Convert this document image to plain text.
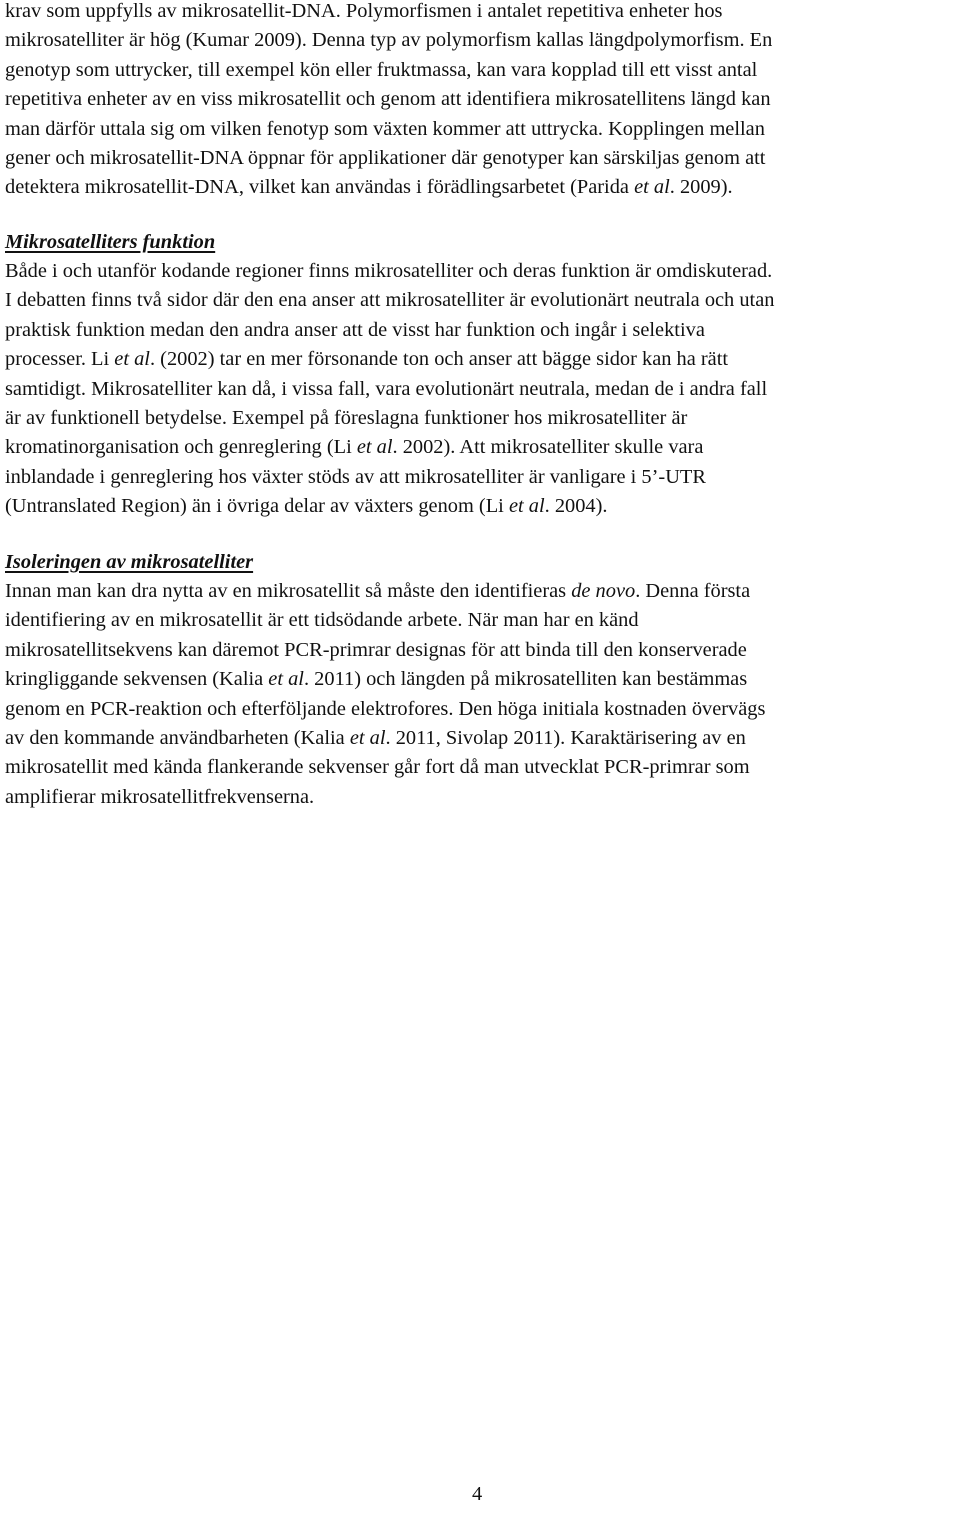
krav som uppfylls av mikrosatellit-DNA. Polymorfismen i antalet repetitiva enheter hos
mikrosatelliter är hög (Kumar 2009). Denna typ av polymorfism kallas längdpolymorfism. En
genotyp som uttrycker, till exempel kön eller fruktmassa, kan vara kopplad till ett visst antal
repetitiva enheter av en viss mikrosatellit och genom att identifiera mikrosatellitens längd kan
man därför uttala sig om vilken fenotyp som växten kommer att uttrycka. Kopplingen mellan
gener och mikrosatellit-DNA öppnar för applikationer där genotyper kan särskiljas genom att
detektera mikrosatellit-DNA, vilket kan användas i förädlingsarbetet (Parida et al. 2009).

Mikrosatelliters funktion

Både i och utanför kodande regioner finns mikrosatelliter och deras funktion är omdiskuterad.
I debatten finns två sidor där den ena anser att mikrosatelliter är evolutionärt neutrala och utan
praktisk funktion medan den andra anser att de visst har funktion och ingår i selektiva
processer. Li et al. (2002) tar en mer försonande ton och anser att bägge sidor kan ha rätt
samtidigt. Mikrosatelliter kan då, i vissa fall, vara evolutionärt neutrala, medan de i andra fall
är av funktionell betydelse. Exempel på föreslagna funktioner hos mikrosatelliter är
kromatinorganisation och genreglering (Li et al. 2002). Att mikrosatelliter skulle vara
inblandade i genreglering hos växter stöds av att mikrosatelliter är vanligare i 5’-UTR
(Untranslated Region) än i övriga delar av växters genom (Li et al. 2004).

Isoleringen av mikrosatelliter

Innan man kan dra nytta av en mikrosatellit så måste den identifieras de novo. Denna första
identifiering av en mikrosatellit är ett tidsödande arbete. När man har en känd
mikrosatellitsekvens kan däremot PCR-primrar designas för att binda till den konserverade
kringliggande sekvensen (Kalia et al. 2011) och längden på mikrosatelliten kan bestämmas
genom en PCR-reaktion och efterföljande elektrofores. Den höga initiala kostnaden övervägs
av den kommande användbarheten (Kalia et al. 2011, Sivolap 2011). Karaktärisering av en
mikrosatellit med kända flankerande sekvenser går fort då man utvecklat PCR-primrar som
amplifierar mikrosatellitfrekvenserna.

4
